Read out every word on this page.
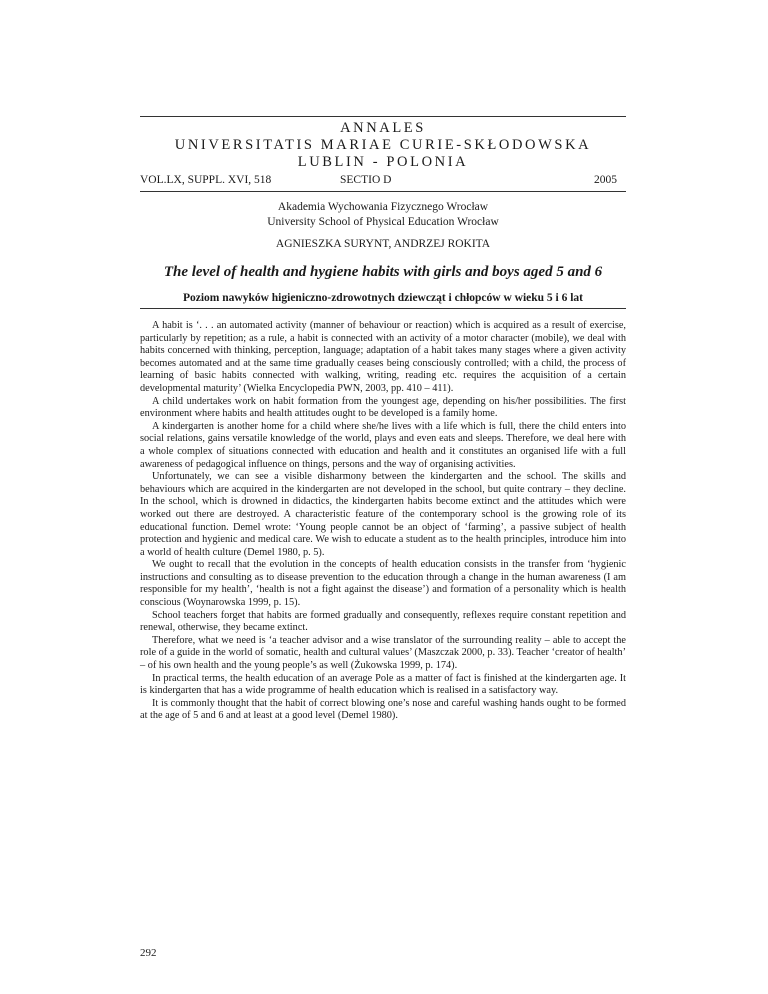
ANNALES
UNIVERSITATIS MARIAE CURIE-SKŁODOWSKA
LUBLIN - POLONIA
VOL.LX, SUPPL. XVI, 518	SECTIO D	2005
Akademia Wychowania Fizycznego Wrocław
University School of Physical Education Wrocław
AGNIESZKA SURYNT, ANDRZEJ ROKITA
The level of health and hygiene habits with girls and boys aged 5 and 6
Poziom nawyków higieniczno-zdrowotnych dziewcząt i chłopców w wieku 5 i 6 lat

A habit is ‘. . . an automated activity (manner of behaviour or reaction) which is acquired as a result of exercise, particularly by repetition; as a rule, a habit is connected with an activity of a motor character (mobile), we deal with habits concerned with thinking, perception, language; adaptation of a habit takes many stages where a given activity becomes automated and at the same time gradually ceases being consciously controlled; with a child, the process of learning of basic habits connected with walking, writing, reading etc. requires the acquisition of a certain developmental maturity’ (Wielka Encyclopedia PWN, 2003, pp. 410 – 411).

A child undertakes work on habit formation from the youngest age, depending on his/her possibilities. The first environment where habits and health attitudes ought to be developed is a family home.

A kindergarten is another home for a child where she/he lives with a life which is full, there the child enters into social relations, gains versatile knowledge of the world, plays and even eats and sleeps. Therefore, we deal here with a whole complex of situations connected with education and health and it constitutes an organised life with a full awareness of pedagogical influence on things, persons and the way of organising activities.

Unfortunately, we can see a visible disharmony between the kindergarten and the school. The skills and behaviours which are acquired in the kindergarten are not developed in the school, but quite contrary – they decline. In the school, which is drowned in didactics, the kindergarten habits become extinct and the attitudes which were worked out there are destroyed. A characteristic feature of the contemporary school is the growing role of its educational function. Demel wrote: ‘Young people cannot be an object of ‘farming’, a passive subject of health protection and hygienic and medical care. We wish to educate a student as to the health principles, introduce him into a world of health culture (Demel 1980, p. 5).

We ought to recall that the evolution in the concepts of health education consists in the transfer from ‘hygienic instructions and consulting as to disease prevention to the education through a change in the human awareness (I am responsible for my health’, ‘health is not a fight against the disease’) and formation of a personality which is health conscious (Woynarowska 1999, p. 15).

School teachers forget that habits are formed gradually and consequently, reflexes require constant repetition and renewal, otherwise, they became extinct.

Therefore, what we need is ‘a teacher advisor and a wise translator of the surrounding reality – able to accept the role of a guide in the world of somatic, health and cultural values’ (Maszczak 2000, p. 33). Teacher ‘creator of health’ – of his own health and the young people’s as well (Żukowska 1999, p. 174).

In practical terms, the health education of an average Pole as a matter of fact is finished at the kindergarten age. It is kindergarten that has a wide programme of health education which is realised in a satisfactory way.

It is commonly thought that the habit of correct blowing one’s nose and careful washing hands ought to be formed at the age of 5 and 6 and at least at a good level (Demel 1980).

292
